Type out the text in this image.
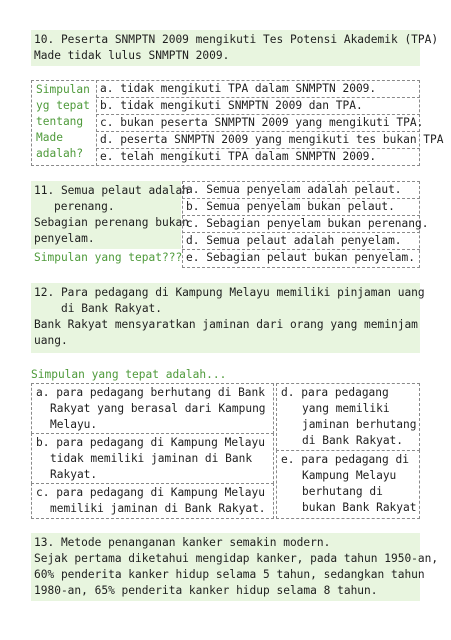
10. Peserta SNMPTN 2009 mengikuti Tes Potensi Akademik (TPA)
Made tidak lulus SNMPTN 2009.
Simpulan
yg tepat
tentang
Made
adalah?
a. tidak mengikuti TPA dalam SNMPTN 2009.
b. tidak mengikuti SNMPTN 2009 dan TPA.
c. bukan peserta SNMPTN 2009 yang mengikuti TPA.
d. peserta SNMPTN 2009 yang mengikuti tes bukan TPA
e. telah mengikuti TPA dalam SNMPTN 2009.
11. Semua pelaut adalah
perenang.
Sebagian perenang bukan
penyelam.
Simpulan yang tepat???
a. Semua penyelam adalah pelaut.
b. Semua penyelam bukan pelaut.
c. Sebagian penyelam bukan perenang.
d. Semua pelaut adalah penyelam.
e. Sebagian pelaut bukan penyelam.
12. Para pedagang di Kampung Melayu memiliki pinjaman uang
di Bank Rakyat.
Bank Rakyat mensyaratkan jaminan dari orang yang meminjam
uang.
Simpulan yang tepat adalah...
a. para pedagang berhutang di Bank
Rakyat yang berasal dari Kampung
Melayu.
b. para pedagang di Kampung Melayu
tidak memiliki jaminan di Bank
Rakyat.
c. para pedagang di Kampung Melayu
memiliki jaminan di Bank Rakyat.
d. para pedagang
yang memiliki
jaminan berhutang
di Bank Rakyat.
e. para pedagang di
Kampung Melayu
berhutang di
bukan Bank Rakyat
13. Metode penanganan kanker semakin modern.
Sejak pertama diketahui mengidap kanker, pada tahun 1950-an,
60% penderita kanker hidup selama 5 tahun, sedangkan tahun
1980-an, 65% penderita kanker hidup selama 8 tahun.
